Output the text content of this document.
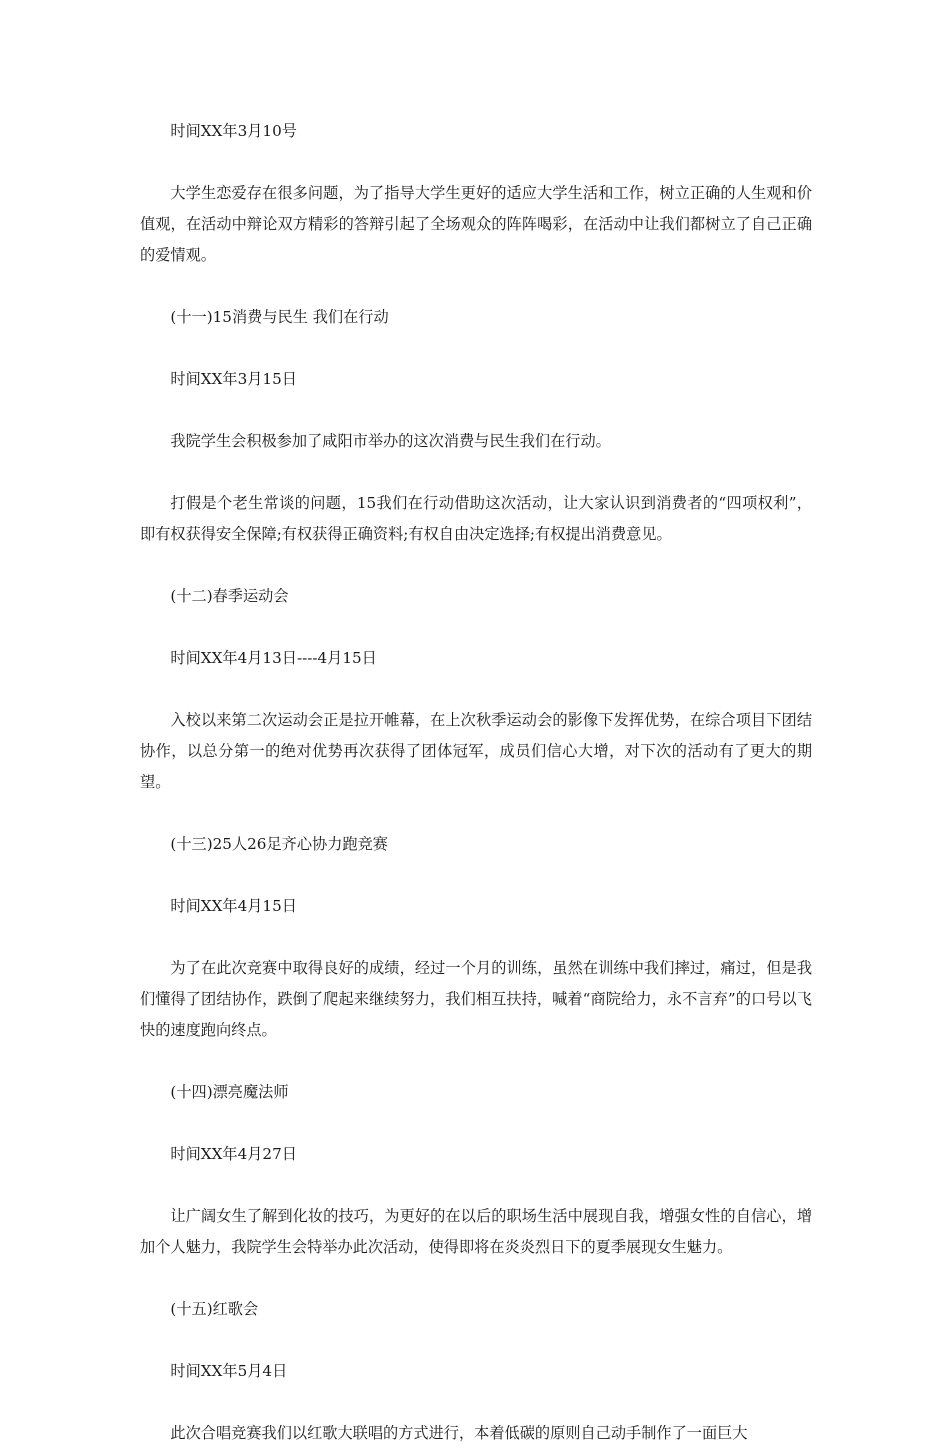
时间XX年3月10号

大学生恋爱存在很多问题，为了指导大学生更好的适应大学生活和工作，树立正确的人生观和价值观，在活动中辩论双方精彩的答辩引起了全场观众的阵阵喝彩，在活动中让我们都树立了自己正确的爱情观。

(十一)15消费与民生 我们在行动

时间XX年3月15日

我院学生会积极参加了咸阳市举办的这次消费与民生我们在行动。

打假是个老生常谈的问题，15我们在行动借助这次活动，让大家认识到消费者的“四项权利”，即有权获得安全保障;有权获得正确资料;有权自由决定选择;有权提出消费意见。

(十二)春季运动会

时间XX年4月13日----4月15日

入校以来第二次运动会正是拉开帷幕，在上次秋季运动会的影像下发挥优势，在综合项目下团结协作，以总分第一的绝对优势再次获得了团体冠军，成员们信心大增，对下次的活动有了更大的期望。

(十三)25人26足齐心协力跑竞赛

时间XX年4月15日

为了在此次竞赛中取得良好的成绩，经过一个月的训练，虽然在训练中我们摔过，痛过，但是我们懂得了团结协作，跌倒了爬起来继续努力，我们相互扶持，喊着“商院给力，永不言弃”的口号以飞快的速度跑向终点。

(十四)漂亮魔法师

时间XX年4月27日

让广阔女生了解到化妆的技巧，为更好的在以后的职场生活中展现自我，增强女性的自信心，增加个人魅力，我院学生会特举办此次活动，使得即将在炎炎烈日下的夏季展现女生魅力。

(十五)红歌会

时间XX年5月4日

此次合唱竞赛我们以红歌大联唱的方式进行，本着低碳的原则自己动手制作了一面巨大
